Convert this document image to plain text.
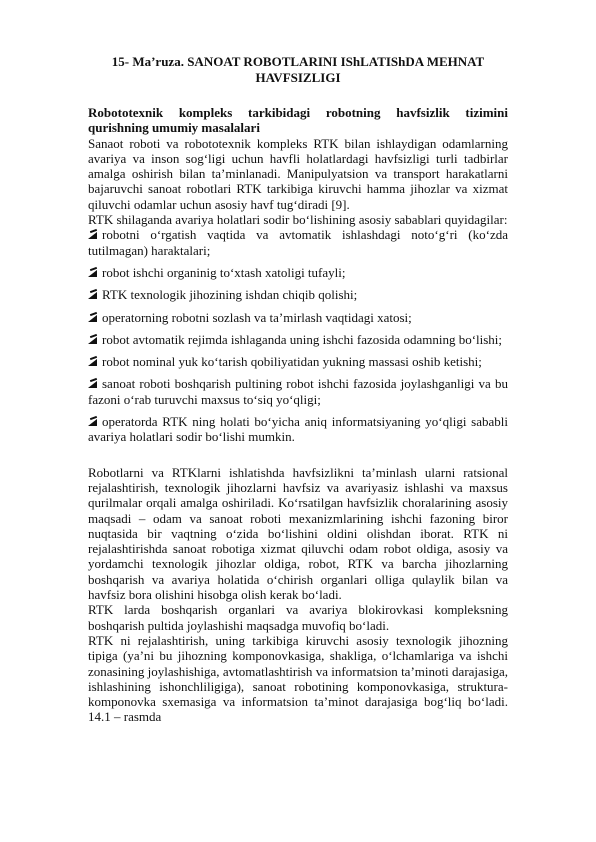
15- Ma’ruza. SANOAT ROBOTLARINI IShLATIShDA MEHNAT HAVFSIZLIGI

Robototexnik kompleks tarkibidagi robotning havfsizlik tizimini qurishning umumiy masalalari

Sanaot roboti va robototexnik kompleks RTK bilan ishlaydigan odamlarning avariya va inson sog‘ligi uchun havfli holatlardagi havfsizligi turli tadbirlar amalga oshirish bilan ta’minlanadi. Manipulyatsion va transport harakatlarni bajaruvchi sanoat robotlari RTK tarkibiga kiruvchi hamma jihozlar va xizmat qiluvchi odamlar uchun asosiy havf tug‘diradi [9].

RTK shilaganda avariya holatlari sodir bo‘lishining asosiy sabablari quyidagilar:

robotni o‘rgatish vaqtida va avtomatik ishlashdagi noto‘g‘ri (ko‘zda tutilmagan) haraktalari;
robot ishchi organinig to‘xtash xatoligi tufayli;
RTK texnologik jihozining ishdan chiqib qolishi;
operatorning robotni sozlash va ta’mirlash vaqtidagi xatosi;
robot avtomatik rejimda ishlaganda uning ishchi fazosida odamning bo‘lishi;
robot nominal yuk ko‘tarish qobiliyatidan yukning massasi oshib ketishi;
sanoat roboti boshqarish pultining robot ishchi fazosida joylashganligi va bu fazoni o‘rab turuvchi maxsus to‘siq yo‘qligi;
operatorda RTK ning holati bo‘yicha aniq informatsiyaning yo‘qligi sababli avariya holatlari sodir bo‘lishi mumkin.

Robotlarni va RTKlarni ishlatishda havfsizlikni ta’minlash ularni ratsional rejalashtirish, texnologik jihozlarni havfsiz va avariyasiz ishlashi va maxsus qurilmalar orqali amalga oshiriladi. Ko‘rsatilgan havfsizlik choralarining asosiy maqsadi – odam va sanoat roboti mexanizmlarining ishchi fazoning biror nuqtasida bir vaqtning o‘zida bo‘lishini oldini olishdan iborat. RTK ni rejalashtirishda sanoat robotiga xizmat qiluvchi odam robot oldiga, asosiy va yordamchi texnologik jihozlar oldiga, robot, RTK va barcha jihozlarning boshqarish va avariya holatida o‘chirish organlari olliga qulaylik bilan va havfsiz bora olishini hisobga olish kerak bo‘ladi.

RTK larda boshqarish organlari va avariya blokirovkasi kompleksning boshqarish pultida joylashishi maqsadga muvofiq bo‘ladi.

RTK ni rejalashtirish, uning tarkibiga kiruvchi asosiy texnologik jihozning tipiga (ya’ni bu jihozning komponovkasiga, shakliga, o‘lchamlariga va ishchi zonasining joylashishiga, avtomatlashtirish va informatsion ta’minoti darajasiga, ishlashining ishonchliligiga), sanoat robotining komponovkasiga, struktura-komponovka sxemasiga va informatsion ta’minot darajasiga bog‘liq bo‘ladi. 14.1 – rasmda
